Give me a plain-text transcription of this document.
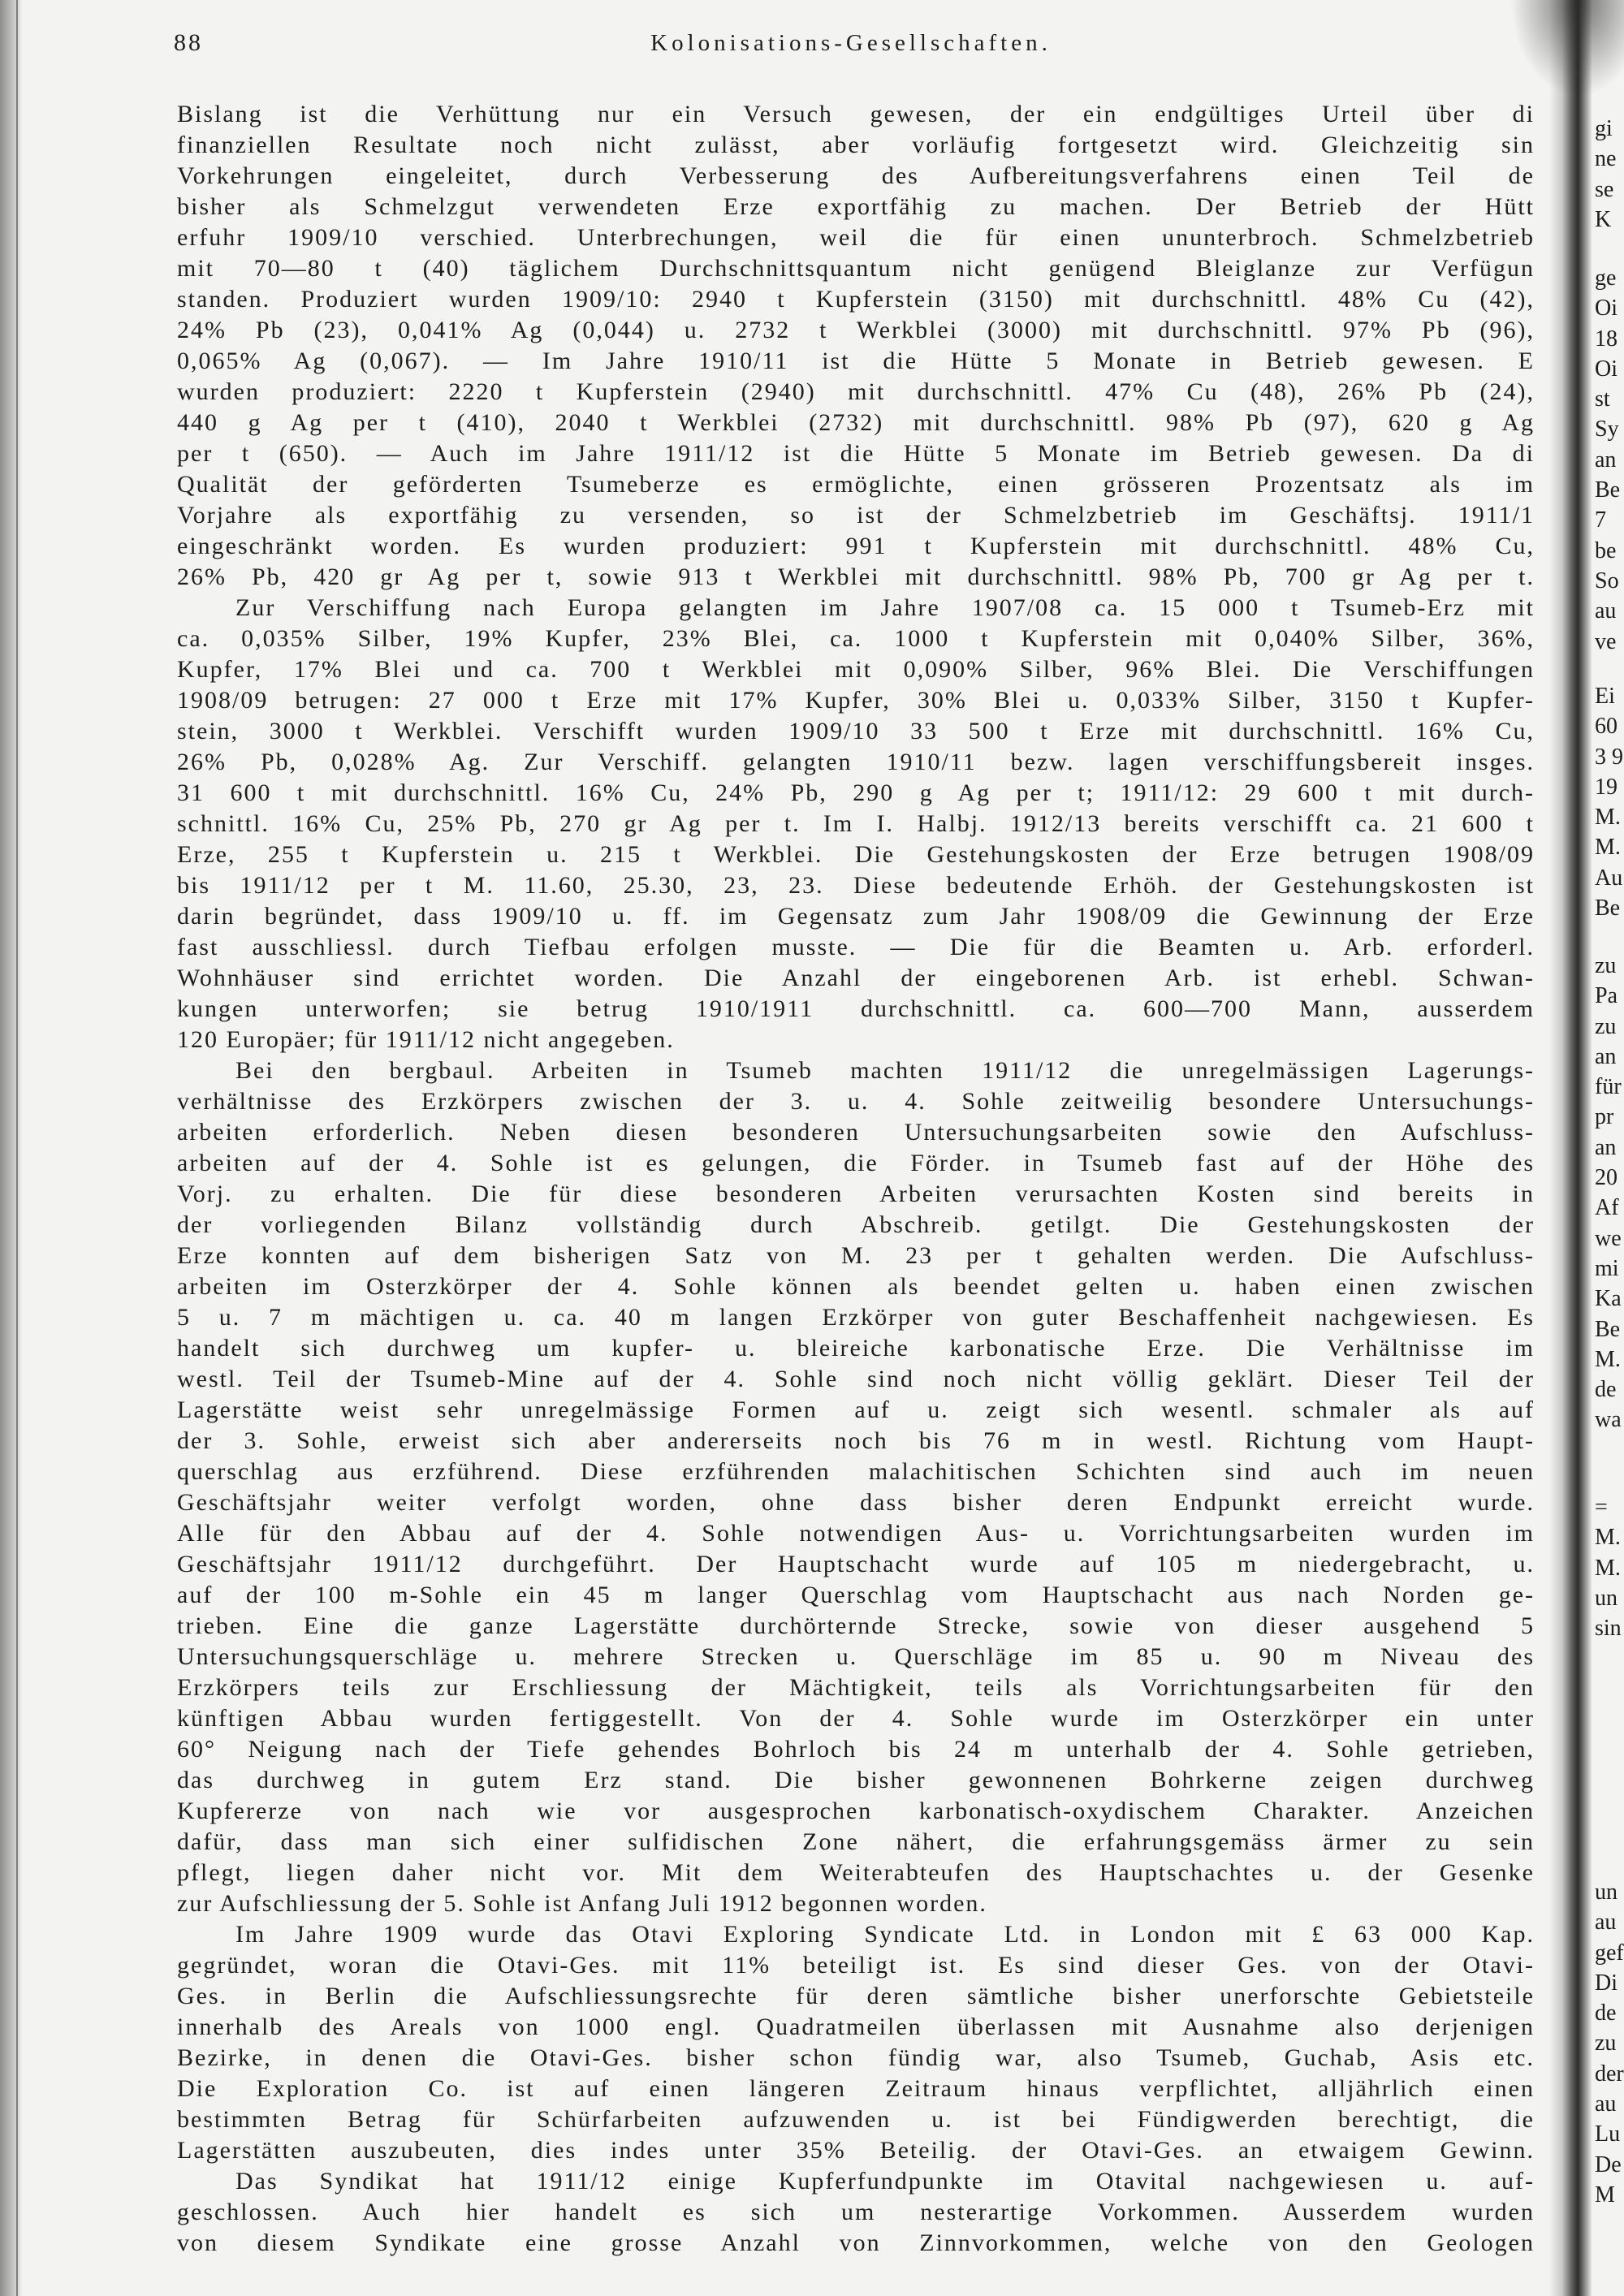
88	Kolonisations-Gesellschaften.
Bislang ist die Verhüttung nur ein Versuch gewesen, der ein endgültiges Urteil über di
finanziellen Resultate noch nicht zulässt, aber vorläufig fortgesetzt wird. Gleichzeitig sin
Vorkehrungen eingeleitet, durch Verbesserung des Aufbereitungsverfahrens einen Teil de
bisher als Schmelzgut verwendeten Erze exportfähig zu machen. Der Betrieb der Hütt
erfuhr 1909/10 verschied. Unterbrechungen, weil die für einen ununterbroch. Schmelzbetrieb
mit 70—80 t (40) täglichem Durchschnittsquantum nicht genügend Bleiglanze zur Verfügun
standen. Produziert wurden 1909/10: 2940 t Kupferstein (3150) mit durchschnittl. 48% Cu (42),
24% Pb (23), 0,041% Ag (0,044) u. 2732 t Werkblei (3000) mit durchschnittl. 97% Pb (96),
0,065% Ag (0,067). — Im Jahre 1910/11 ist die Hütte 5 Monate in Betrieb gewesen. E
wurden produziert: 2220 t Kupferstein (2940) mit durchschnittl. 47% Cu (48), 26% Pb (24),
440 g Ag per t (410), 2040 t Werkblei (2732) mit durchschnittl. 98% Pb (97), 620 g Ag
per t (650). — Auch im Jahre 1911/12 ist die Hütte 5 Monate im Betrieb gewesen. Da di
Qualität der geförderten Tsumeberze es ermöglichte, einen grösseren Prozentsatz als im
Vorjahre als exportfähig zu versenden, so ist der Schmelzbetrieb im Geschäftsj. 1911/1
eingeschränkt worden. Es wurden produziert: 991 t Kupferstein mit durchschnittl. 48% Cu,
26% Pb, 420 gr Ag per t, sowie 913 t Werkblei mit durchschnittl. 98% Pb, 700 gr Ag per t.
Zur Verschiffung nach Europa gelangten im Jahre 1907/08 ca. 15 000 t Tsumeb-Erz mit
ca. 0,035% Silber, 19% Kupfer, 23% Blei, ca. 1000 t Kupferstein mit 0,040% Silber, 36%,
Kupfer, 17% Blei und ca. 700 t Werkblei mit 0,090% Silber, 96% Blei. Die Verschiffungen
1908/09 betrugen: 27 000 t Erze mit 17% Kupfer, 30% Blei u. 0,033% Silber, 3150 t Kupfer-
stein, 3000 t Werkblei. Verschifft wurden 1909/10 33 500 t Erze mit durchschnittl. 16% Cu,
26% Pb, 0,028% Ag. Zur Verschiff. gelangten 1910/11 bezw. lagen verschiffungsbereit insges.
31 600 t mit durchschnittl. 16% Cu, 24% Pb, 290 g Ag per t; 1911/12: 29 600 t mit durch-
schnittl. 16% Cu, 25% Pb, 270 gr Ag per t. Im I. Halbj. 1912/13 bereits verschifft ca. 21 600 t
Erze, 255 t Kupferstein u. 215 t Werkblei. Die Gestehungskosten der Erze betrugen 1908/09
bis 1911/12 per t M. 11.60, 25.30, 23, 23. Diese bedeutende Erhöh. der Gestehungskosten ist
darin begründet, dass 1909/10 u. ff. im Gegensatz zum Jahr 1908/09 die Gewinnung der Erze
fast ausschliessl. durch Tiefbau erfolgen musste. — Die für die Beamten u. Arb. erforderl.
Wohnhäuser sind errichtet worden. Die Anzahl der eingeborenen Arb. ist erhebl. Schwan-
kungen unterworfen; sie betrug 1910/1911 durchschnittl. ca. 600—700 Mann, ausserdem
120 Europäer; für 1911/12 nicht angegeben.
Bei den bergbaul. Arbeiten in Tsumeb machten 1911/12 die unregelmässigen Lagerungs-
verhältnisse des Erzkörpers zwischen der 3. u. 4. Sohle zeitweilig besondere Untersuchungs-
arbeiten erforderlich. Neben diesen besonderen Untersuchungsarbeiten sowie den Aufschluss-
arbeiten auf der 4. Sohle ist es gelungen, die Förder. in Tsumeb fast auf der Höhe des
Vorj. zu erhalten. Die für diese besonderen Arbeiten verursachten Kosten sind bereits in
der vorliegenden Bilanz vollständig durch Abschreib. getilgt. Die Gestehungskosten der
Erze konnten auf dem bisherigen Satz von M. 23 per t gehalten werden. Die Aufschluss-
arbeiten im Osterzkörper der 4. Sohle können als beendet gelten u. haben einen zwischen
5 u. 7 m mächtigen u. ca. 40 m langen Erzkörper von guter Beschaffenheit nachgewiesen. Es
handelt sich durchweg um kupfer- u. bleireiche karbonatische Erze. Die Verhältnisse im
westl. Teil der Tsumeb-Mine auf der 4. Sohle sind noch nicht völlig geklärt. Dieser Teil der
Lagerstätte weist sehr unregelmässige Formen auf u. zeigt sich wesentl. schmaler als auf
der 3. Sohle, erweist sich aber andererseits noch bis 76 m in westl. Richtung vom Haupt-
querschlag aus erzführend. Diese erzführenden malachitischen Schichten sind auch im neuen
Geschäftsjahr weiter verfolgt worden, ohne dass bisher deren Endpunkt erreicht wurde.
Alle für den Abbau auf der 4. Sohle notwendigen Aus- u. Vorrichtungsarbeiten wurden im
Geschäftsjahr 1911/12 durchgeführt. Der Hauptschacht wurde auf 105 m niedergebracht, u.
auf der 100 m-Sohle ein 45 m langer Querschlag vom Hauptschacht aus nach Norden ge-
trieben. Eine die ganze Lagerstätte durchörternde Strecke, sowie von dieser ausgehend 5
Untersuchungsquerschläge u. mehrere Strecken u. Querschläge im 85 u. 90 m Niveau des
Erzkörpers teils zur Erschliessung der Mächtigkeit, teils als Vorrichtungsarbeiten für den
künftigen Abbau wurden fertiggestellt. Von der 4. Sohle wurde im Osterzkörper ein unter
60° Neigung nach der Tiefe gehendes Bohrloch bis 24 m unterhalb der 4. Sohle getrieben,
das durchweg in gutem Erz stand. Die bisher gewonnenen Bohrkerne zeigen durchweg
Kupfererze von nach wie vor ausgesprochen karbonatisch-oxydischem Charakter. Anzeichen
dafür, dass man sich einer sulfidischen Zone nähert, die erfahrungsgemäss ärmer zu sein
pflegt, liegen daher nicht vor. Mit dem Weiterabteufen des Hauptschachtes u. der Gesenke
zur Aufschliessung der 5. Sohle ist Anfang Juli 1912 begonnen worden.
Im Jahre 1909 wurde das Otavi Exploring Syndicate Ltd. in London mit £ 63 000 Kap.
gegründet, woran die Otavi-Ges. mit 11% beteiligt ist. Es sind dieser Ges. von der Otavi-
Ges. in Berlin die Aufschliessungsrechte für deren sämtliche bisher unerforschte Gebietsteile
innerhalb des Areals von 1000 engl. Quadratmeilen überlassen mit Ausnahme also derjenigen
Bezirke, in denen die Otavi-Ges. bisher schon fündig war, also Tsumeb, Guchab, Asis etc.
Die Exploration Co. ist auf einen längeren Zeitraum hinaus verpflichtet, alljährlich einen
bestimmten Betrag für Schürfarbeiten aufzuwenden u. ist bei Fündigwerden berechtigt, die
Lagerstätten auszubeuten, dies indes unter 35% Beteilig. der Otavi-Ges. an etwaigem Gewinn.
Das Syndikat hat 1911/12 einige Kupferfundpunkte im Otavital nachgewiesen u. auf-
geschlossen. Auch hier handelt es sich um nesterartige Vorkommen. Ausserdem wurden
von diesem Syndikate eine grosse Anzahl von Zinnvorkommen, welche von den Geologen
gi
ne
se
K
ge
Oi
18
Oi
st
Sy
an
Be
7
be
So
au
ve
Ei
60
3 9
19
M.
M.
Au
Be
zu
Pa
zu
an
für
pr
an
20
Af
we
mi
Ka
Be
M.
de
wa
=
M.
M.
un
sin
un
au
gef
Di
de
zu
der
au
Lu
De
M
